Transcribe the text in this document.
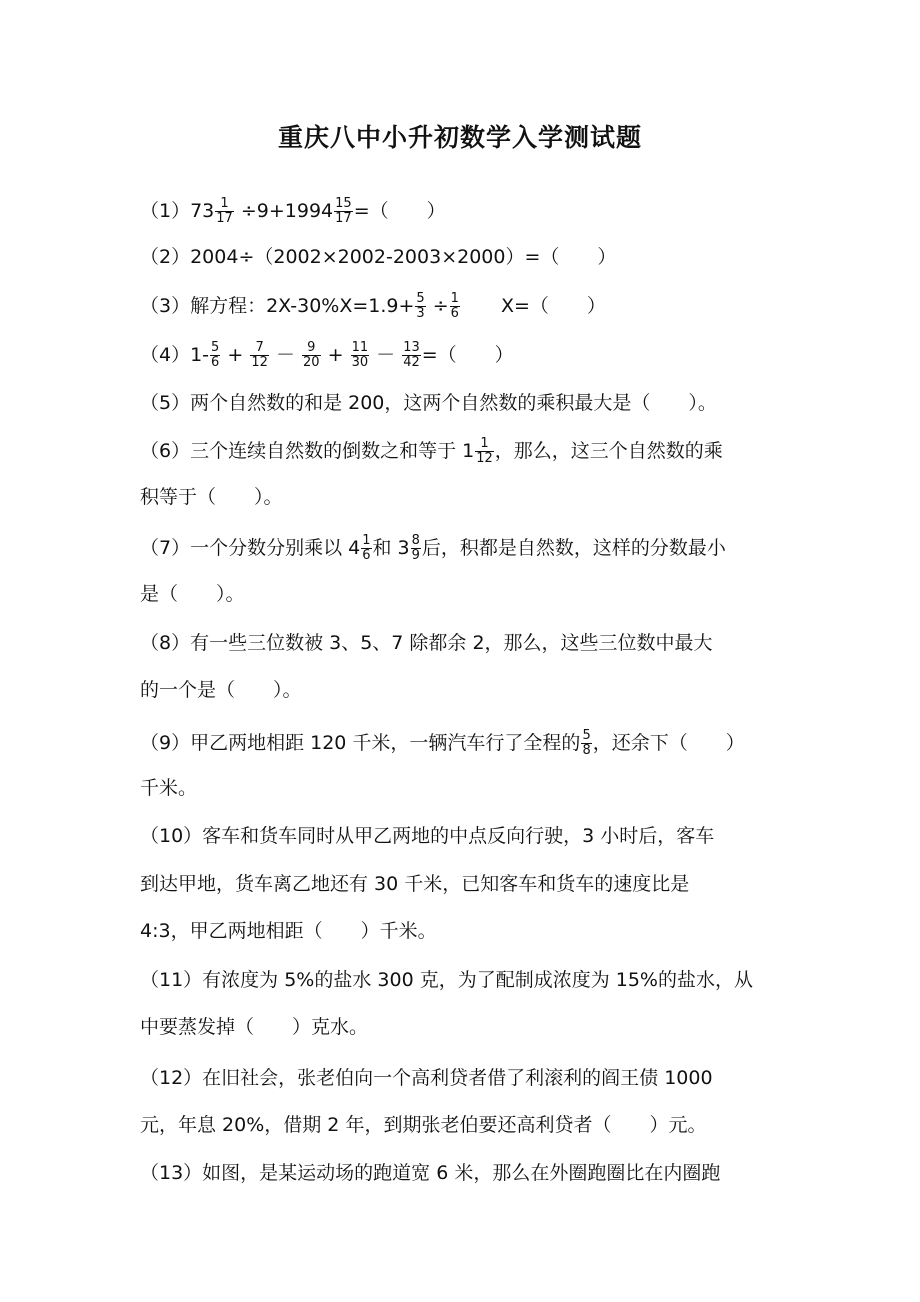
重庆八中小升初数学入学测试题
$(1)73 \frac{1}{17} \div 9+1994 \frac{15}{17}$ =（　　）
（2）2004÷（2002×2002-2003×2000）=（　　）
（3）解方程：$2X-30\%X=1.9+ \frac{5}{3} \div \frac{1}{6} X=$（　　）
$(4)1- \frac{5}{6} + \frac{7}{12} - \frac{9}{20} + \frac{11}{30} - \frac{13}{42}$ =（　　）
（5）两个自然数的和是 200，这两个自然数的乘积最大是（　　）。
（6）三个连续自然数的倒数之和等于 $1 \frac{1}{12}$ ，那么，这三个自然数的乘
积等于（　　）。
（7）一个分数分别乘以 $4 \frac{1}{6}$ 和 $3 \frac{8}{9}$ 后，积都是自然数，这样的分数最小
是（　　）。
（8）有一些三位数被 3、5、7 除都余 2，那么，这些三位数中最大
的一个是（　　）。
（9）甲乙两地相距 120 千米，一辆汽车行了全程的 $\frac{5}{8}$ ，还余下（　　）
千米。
（10）客车和货车同时从甲乙两地的中点反向行驶，3 小时后，客车
到达甲地，货车离乙地还有 30 千米，已知客车和货车的速度比是
4:3，甲乙两地相距（　　）千米。
（11）有浓度为 5%的盐水 300 克，为了配制成浓度为 15%的盐水，从
中要蒸发掉（　　）克水。
（12）在旧社会，张老伯向一个高利贷者借了利滚利的阎王债 1000
元，年息 20%，借期 2 年，到期张老伯要还高利贷者（　　）元。
（13）如图，是某运动场的跑道宽 6 米，那么在外圈跑圈比在内圈跑
